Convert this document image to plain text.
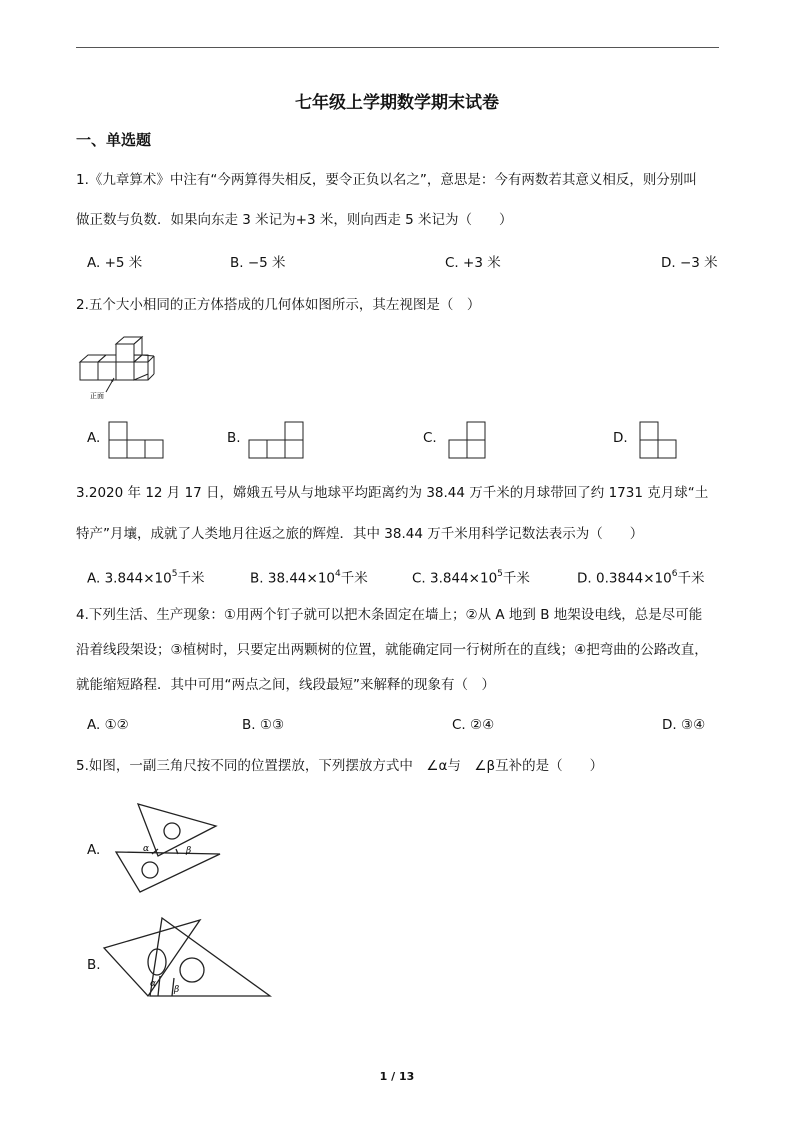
七年级上学期数学期末试卷
一、单选题
1.《九章算术》中注有“今两算得失相反，要令正负以名之”，意思是：今有两数若其意义相反，则分别叫
做正数与负数．如果向东走 3 米记为+3 米，则向西走 5 米记为（　　）
A. +5 米	B. −5 米	C. +3 米	D. −3 米
2.五个大小相同的正方体搭成的几何体如图所示，其左视图是（　）
正面
A.	B.	C.	D.
3.2020 年 12 月 17 日，嫦娥五号从与地球平均距离约为 38.44 万千米的月球带回了约 1731 克月球“土
特产”月壤，成就了人类地月往返之旅的辉煌．其中 38.44 万千米用科学记数法表示为（　　）
A. $3.844\times 10^5$千米	B. $38.44\times 10^4$千米	C. $3.844\times 10^5$千米	D. $0.3844\times 10^6$千米
4.下列生活、生产现象：①用两个钉子就可以把木条固定在墙上；②从 A 地到 B 地架设电线，总是尽可能
沿着线段架设；③植树时，只要定出两颗树的位置，就能确定同一行树所在的直线；④把弯曲的公路改直，
就能缩短路程．其中可用“两点之间，线段最短”来解释的现象有（　）
A. ①②	B. ①③	C. ②④	D. ③④
5.如图，一副三角尺按不同的位置摆放，下列摆放方式中　∠α与　∠β互补的是（　　）
A.	α	β
B.
α
β
1 / 13
